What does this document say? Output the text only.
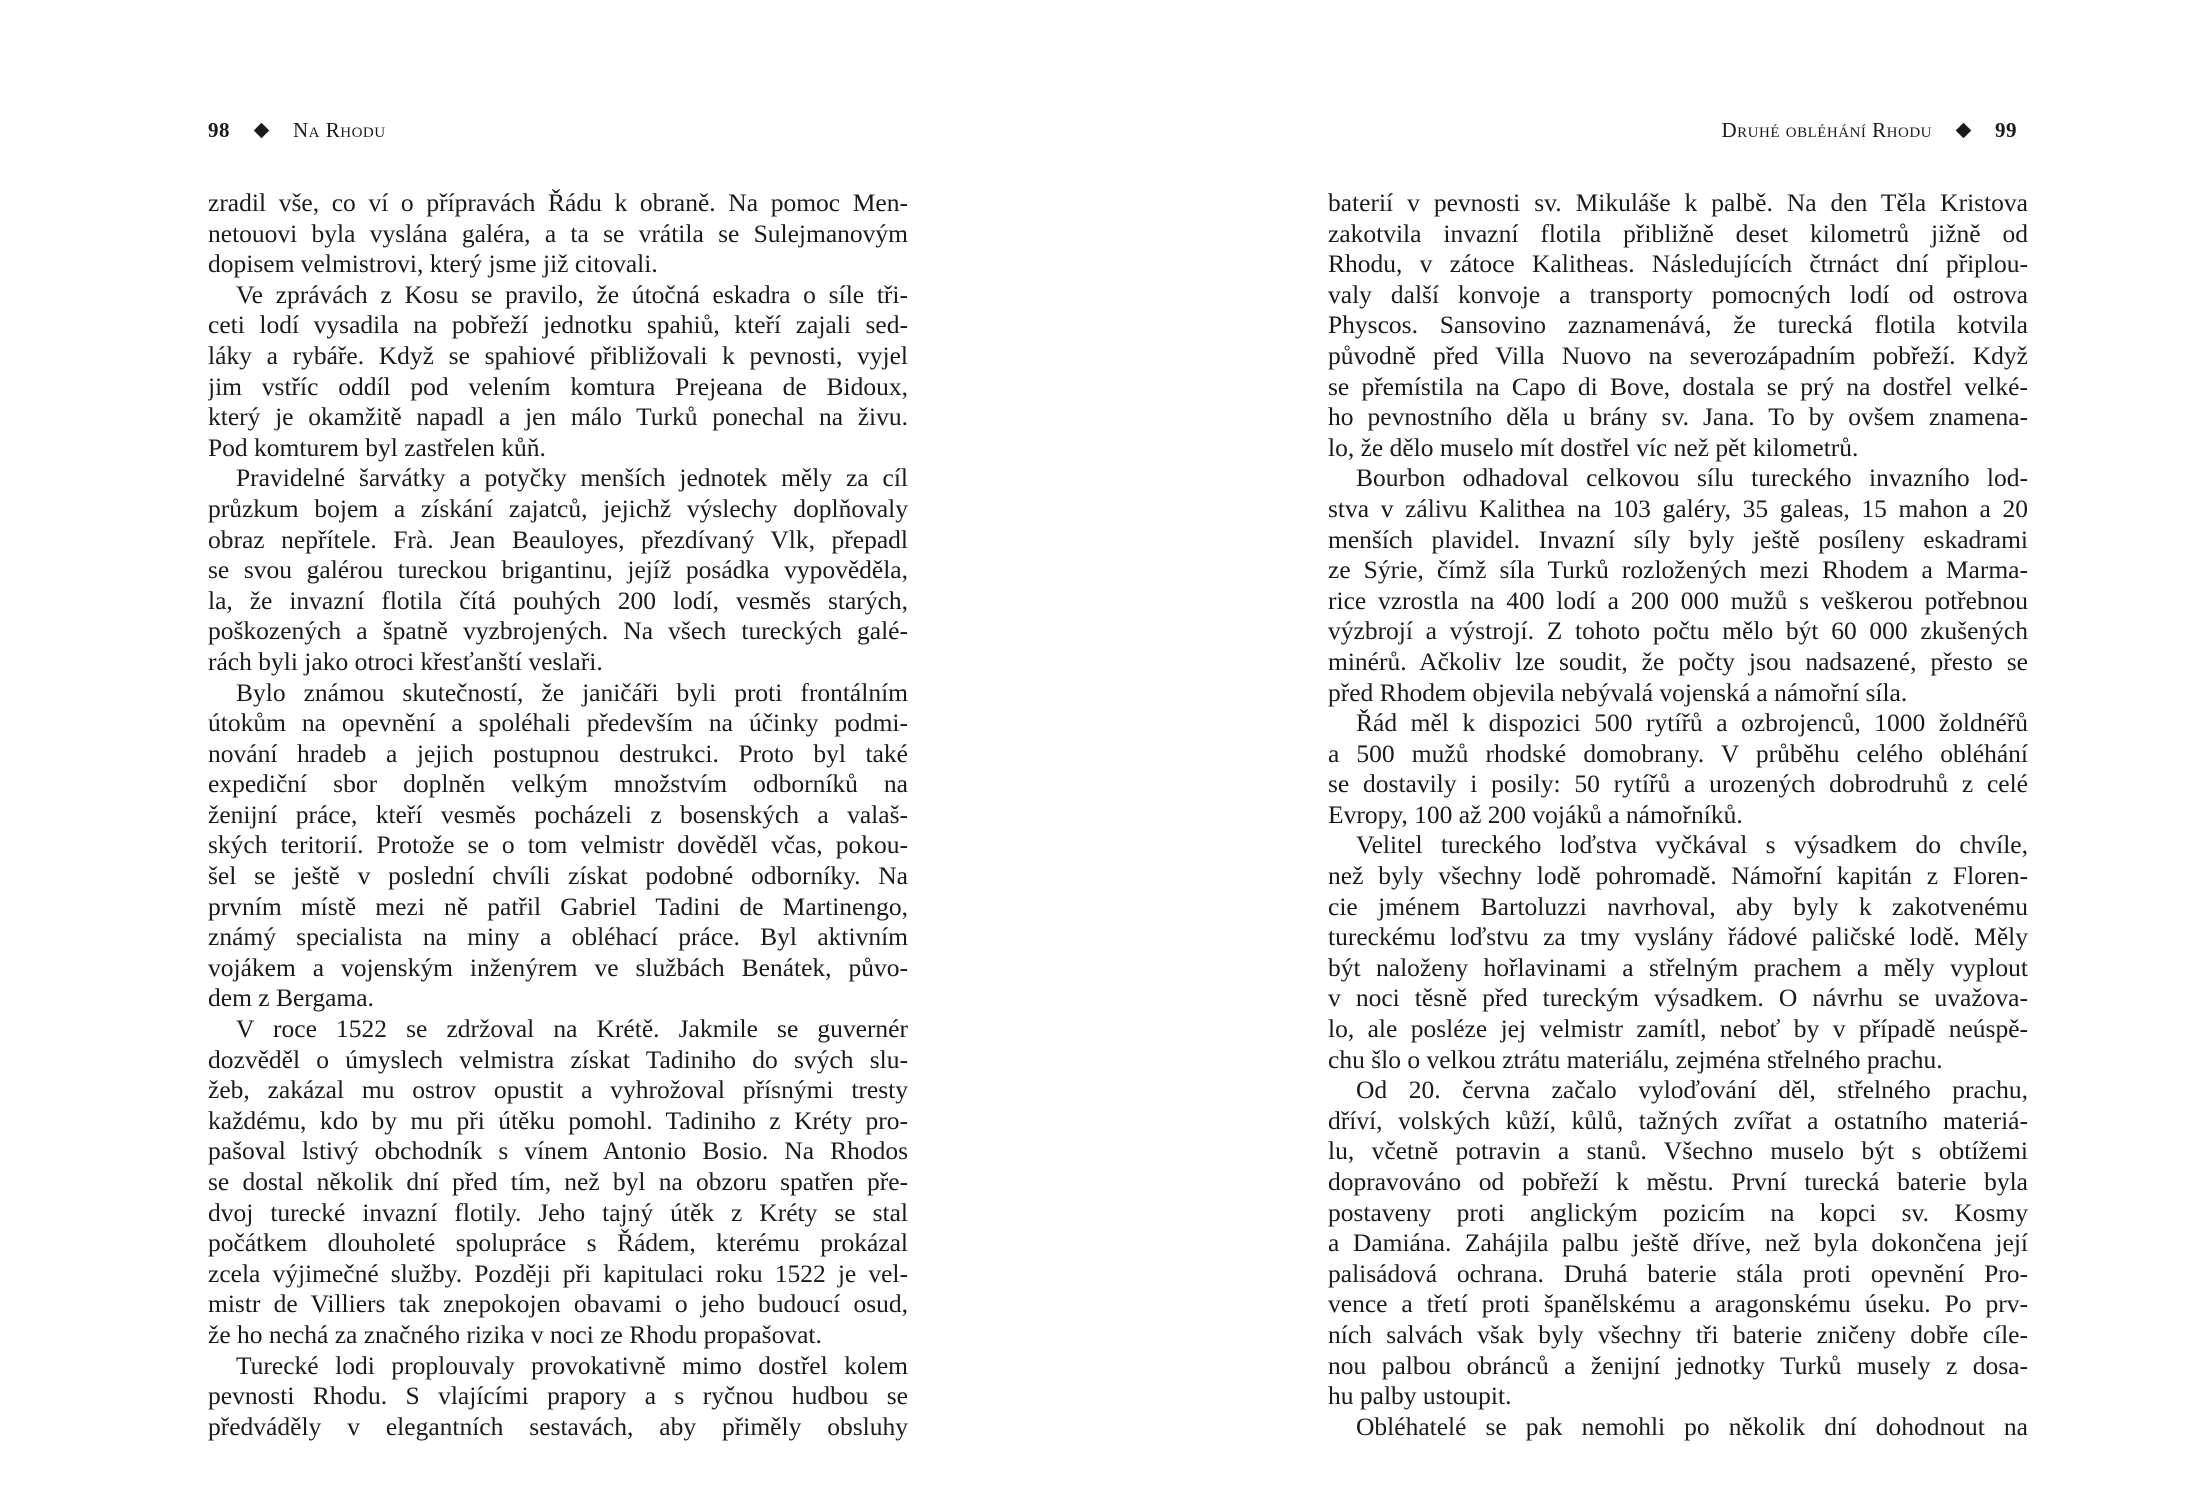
98	Na Rhodu
zradil vše, co ví o přípravách Řádu k obraně. Na pomoc Men-
netouovi byla vyslána galéra, a ta se vrátila se Sulejmanovým
dopisem velmistrovi, který jsme již citovali.
Ve zprávách z Kosu se pravilo, že útočná eskadra o síle tři-
ceti lodí vysadila na pobřeží jednotku spahiů, kteří zajali sed-
láky a rybáře. Když se spahiové přibližovali k pevnosti, vyjel
jim vstříc oddíl pod velením komtura Prejeana de Bidoux,
který je okamžitě napadl a jen málo Turků ponechal na živu.
Pod komturem byl zastřelen kůň.
Pravidelné šarvátky a potyčky menších jednotek měly za cíl
průzkum bojem a získání zajatců, jejichž výslechy doplňovaly
obraz nepřítele. Frà. Jean Beauloyes, přezdívaný Vlk, přepadl
se svou galérou tureckou brigantinu, jejíž posádka vypověděla,
la, že invazní flotila čítá pouhých 200 lodí, vesměs starých,
poškozených a špatně vyzbrojených. Na všech tureckých galé-
rách byli jako otroci křesťanští veslaři.
Bylo známou skutečností, že janičáři byli proti frontálním
útokům na opevnění a spoléhali především na účinky podmi-
nování hradeb a jejich postupnou destrukci. Proto byl také
expediční sbor doplněn velkým množstvím odborníků na
ženijní práce, kteří vesměs pocházeli z bosenských a valaš-
ských teritorií. Protože se o tom velmistr dověděl včas, pokou-
šel se ještě v poslední chvíli získat podobné odborníky. Na
prvním místě mezi ně patřil Gabriel Tadini de Martinengo,
známý specialista na miny a obléhací práce. Byl aktivním
vojákem a vojenským inženýrem ve službách Benátek, půvo-
dem z Bergama.
V roce 1522 se zdržoval na Krétě. Jakmile se guvernér
dozvěděl o úmyslech velmistra získat Tadiniho do svých slu-
žeb, zakázal mu ostrov opustit a vyhrožoval přísnými tresty
každému, kdo by mu při útěku pomohl. Tadiniho z Kréty pro-
pašoval lstivý obchodník s vínem Antonio Bosio. Na Rhodos
se dostal několik dní před tím, než byl na obzoru spatřen pře-
dvoj turecké invazní flotily. Jeho tajný útěk z Kréty se stal
počátkem dlouholeté spolupráce s Řádem, kterému prokázal
zcela výjimečné služby. Později při kapitulaci roku 1522 je vel-
mistr de Villiers tak znepokojen obavami o jeho budoucí osud,
že ho nechá za značného rizika v noci ze Rhodu propašovat.
Turecké lodi proplouvaly provokativně mimo dostřel kolem
pevnosti Rhodu. S vlajícími prapory a s ryčnou hudbou se
předváděly v elegantních sestavách, aby přiměly obsluhy
Druhé obléhání Rhodu	99
baterií v pevnosti sv. Mikuláše k palbě. Na den Těla Kristova
zakotvila invazní flotila přibližně deset kilometrů jižně od
Rhodu, v zátoce Kalitheas. Následujících čtrnáct dní připlou-
valy další konvoje a transporty pomocných lodí od ostrova
Physcos. Sansovino zaznamenává, že turecká flotila kotvila
původně před Villa Nuovo na severozápadním pobřeží. Když
se přemístila na Capo di Bove, dostala se prý na dostřel velké-
ho pevnostního děla u brány sv. Jana. To by ovšem znamena-
lo, že dělo muselo mít dostřel víc než pět kilometrů.
Bourbon odhadoval celkovou sílu tureckého invazního lod-
stva v zálivu Kalithea na 103 galéry, 35 galeas, 15 mahon a 20
menších plavidel. Invazní síly byly ještě posíleny eskadrami
ze Sýrie, čímž síla Turků rozložených mezi Rhodem a Marma-
rice vzrostla na 400 lodí a 200 000 mužů s veškerou potřebnou
výzbrojí a výstrojí. Z tohoto počtu mělo být 60 000 zkušených
minérů. Ačkoliv lze soudit, že počty jsou nadsazené, přesto se
před Rhodem objevila nebývalá vojenská a námořní síla.
Řád měl k dispozici 500 rytířů a ozbrojenců, 1000 žoldnéřů
a 500 mužů rhodské domobrany. V průběhu celého obléhání
se dostavily i posily: 50 rytířů a urozených dobrodruhů z celé
Evropy, 100 až 200 vojáků a námořníků.
Velitel tureckého loďstva vyčkával s výsadkem do chvíle,
než byly všechny lodě pohromadě. Námořní kapitán z Floren-
cie jménem Bartoluzzi navrhoval, aby byly k zakotvenému
tureckému loďstvu za tmy vyslány řádové paličské lodě. Měly
být naloženy hořlavinami a střelným prachem a měly vyplout
v noci těsně před tureckým výsadkem. O návrhu se uvažova-
lo, ale posléze jej velmistr zamítl, neboť by v případě neúspě-
chu šlo o velkou ztrátu materiálu, zejména střelného prachu.
Od 20. června začalo vyloďování děl, střelného prachu,
dříví, volských kůží, kůlů, tažných zvířat a ostatního materiá-
lu, včetně potravin a stanů. Všechno muselo být s obtížemi
dopravováno od pobřeží k městu. První turecká baterie byla
postaveny proti anglickým pozicím na kopci sv. Kosmy
a Damiána. Zahájila palbu ještě dříve, než byla dokončena její
palisádová ochrana. Druhá baterie stála proti opevnění Pro-
vence a třetí proti španělskému a aragonskému úseku. Po prv-
ních salvách však byly všechny tři baterie zničeny dobře cíle-
nou palbou obránců a ženijní jednotky Turků musely z dosa-
hu palby ustoupit.
Obléhatelé se pak nemohli po několik dní dohodnout na
